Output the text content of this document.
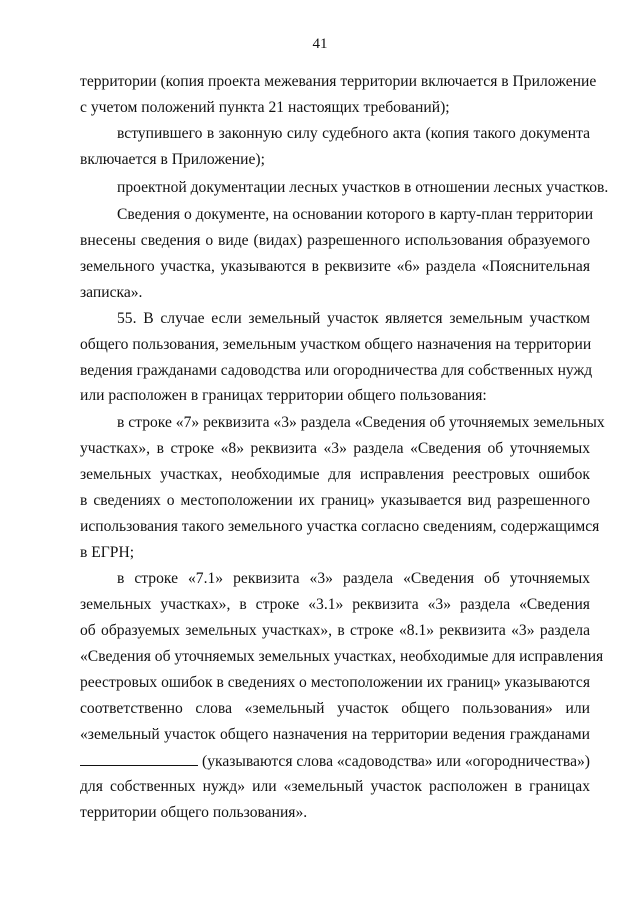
41
территории (копия проекта межевания территории включается в Приложение
с учетом положений пункта 21 настоящих требований);
вступившего в законную силу судебного акта (копия такого документа
включается в Приложение);
проектной документации лесных участков в отношении лесных участков.
Сведения о документе, на основании которого в карту-план территории
внесены сведения о виде (видах) разрешенного использования образуемого
земельного участка, указываются в реквизите «6» раздела «Пояснительная
записка».
55. В случае если земельный участок является земельным участком
общего пользования, земельным участком общего назначения на территории
ведения гражданами садоводства или огородничества для собственных нужд
или расположен в границах территории общего пользования:
в строке «7» реквизита «3» раздела «Сведения об уточняемых земельных
участках», в строке «8» реквизита «3» раздела «Сведения об уточняемых
земельных участках, необходимые для исправления реестровых ошибок
в сведениях о местоположении их границ» указывается вид разрешенного
использования такого земельного участка согласно сведениям, содержащимся
в ЕГРН;
в строке «7.1» реквизита «3» раздела «Сведения об уточняемых
земельных участках», в строке «3.1» реквизита «3» раздела «Сведения
об образуемых земельных участках», в строке «8.1» реквизита «3» раздела
«Сведения об уточняемых земельных участках, необходимые для исправления
реестровых ошибок в сведениях о местоположении их границ» указываются
соответственно слова «земельный участок общего пользования» или
«земельный участок общего назначения на территории ведения гражданами
(указываются слова «садоводства» или «огородничества»)
для собственных нужд» или «земельный участок расположен в границах
территории общего пользования».
